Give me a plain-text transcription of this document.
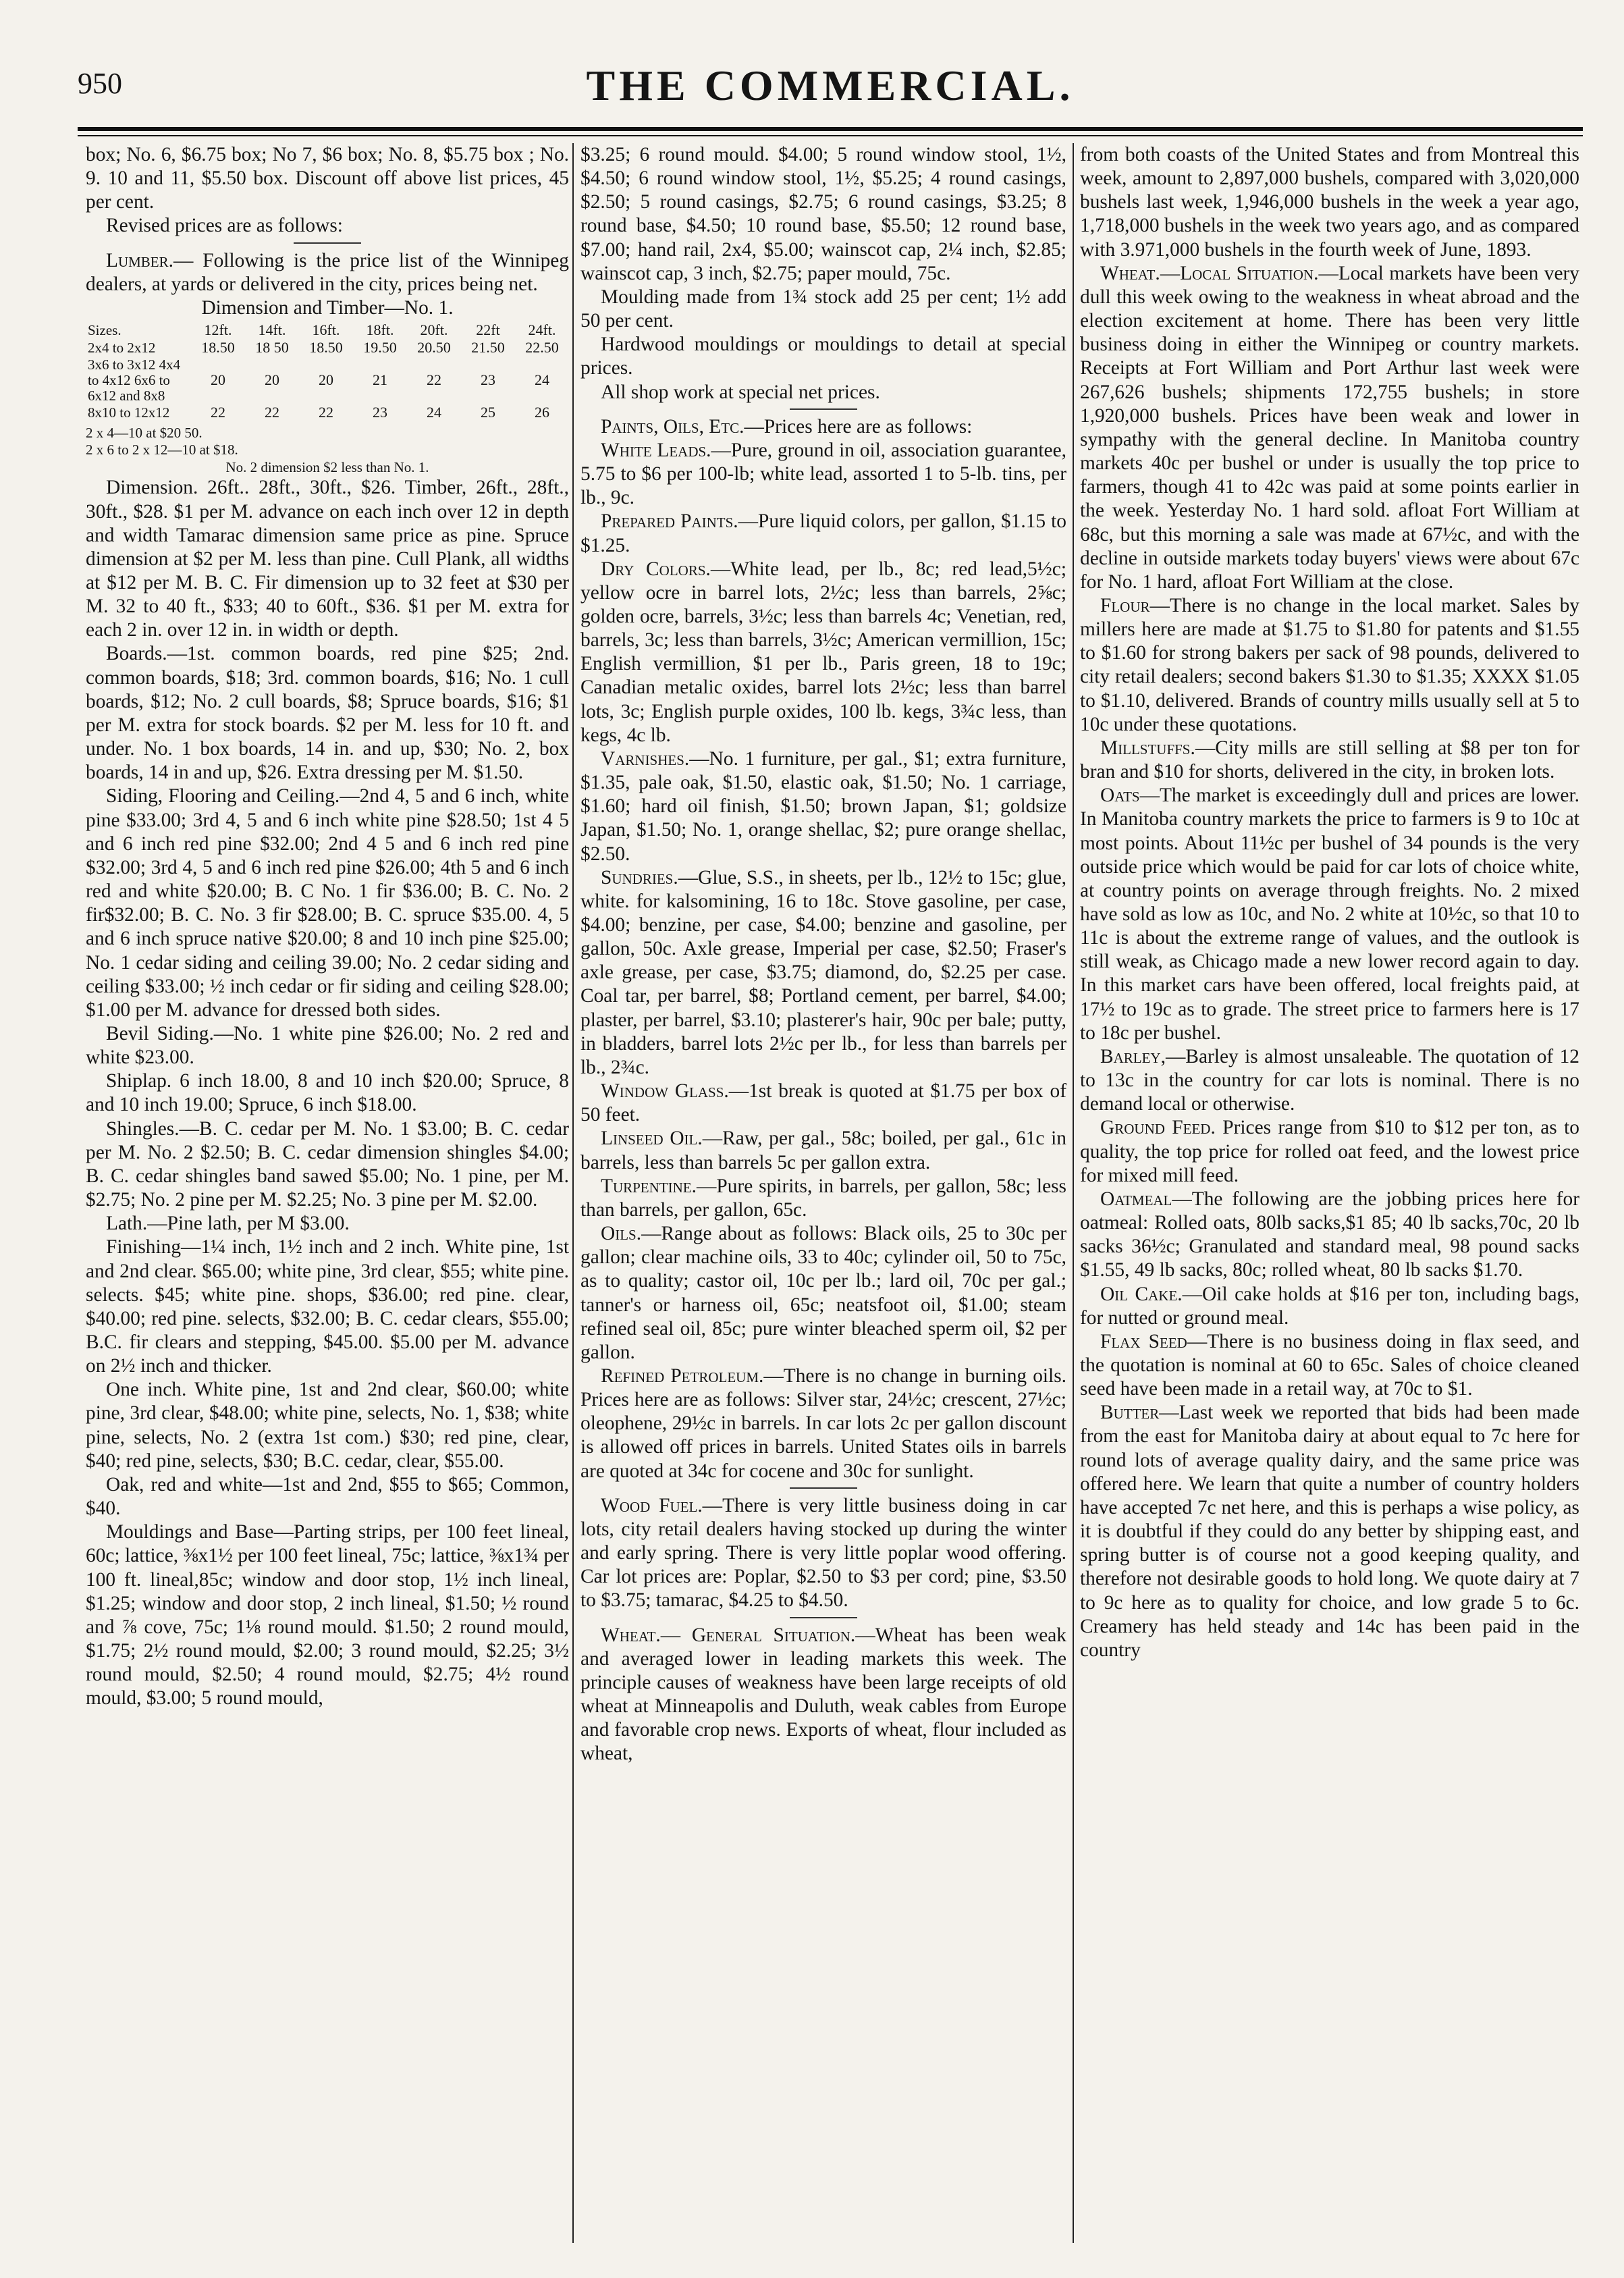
950	THE COMMERCIAL.

box; No. 6, $6.75 box; No 7, $6 box; No. 8, $5.75 box ; No. 9. 10 and 11, $5.50 box. Discount off above list prices, 45 per cent.

Revised prices are as follows:

Lumber.— Following is the price list of the Winnipeg dealers, at yards or delivered in the city, prices being net.

Dimension and Timber—No. 1.

Sizes.	12ft.	14ft.	16ft.	18ft.	20ft.	22ft	24ft.
2x4 to 2x12	18.50	18 50	18.50	19.50	20.50	21.50	22.50
3x6 to 3x12 4x4 to 4x12 6x6 to 6x12 and 8x8	20	20	20	21	22	23	24
8x10 to 12x12	22	22	22	23	24	25	26
2 x 4—10 at $20 50.
2 x 6 to 2 x 12—10 at $18.
No. 2 dimension $2 less than No. 1.

Dimension. 26ft.. 28ft., 30ft., $26. Timber, 26ft., 28ft., 30ft., $28. $1 per M. advance on each inch over 12 in depth and width Tamarac dimension same price as pine. Spruce dimension at $2 per M. less than pine. Cull Plank, all widths at $12 per M. B. C. Fir dimension up to 32 feet at $30 per M. 32 to 40 ft., $33; 40 to 60ft., $36. $1 per M. extra for each 2 in. over 12 in. in width or depth.

Boards.—1st. common boards, red pine $25; 2nd. common boards, $18; 3rd. common boards, $16; No. 1 cull boards, $12; No. 2 cull boards, $8; Spruce boards, $16; $1 per M. extra for stock boards. $2 per M. less for 10 ft. and under. No. 1 box boards, 14 in. and up, $30; No. 2, box boards, 14 in and up, $26. Extra dressing per M. $1.50.

Siding, Flooring and Ceiling.—2nd 4, 5 and 6 inch, white pine $33.00; 3rd 4, 5 and 6 inch white pine $28.50; 1st 4 5 and 6 inch red pine $32.00; 2nd 4 5 and 6 inch red pine $32.00; 3rd 4, 5 and 6 inch red pine $26.00; 4th 5 and 6 inch red and white $20.00; B. C No. 1 fir $36.00; B. C. No. 2 fir$32.00; B. C. No. 3 fir $28.00; B. C. spruce $35.00. 4, 5 and 6 inch spruce native $20.00; 8 and 10 inch pine $25.00; No. 1 cedar siding and ceiling 39.00; No. 2 cedar siding and ceiling $33.00; ½ inch cedar or fir siding and ceiling $28.00; $1.00 per M. advance for dressed both sides.

Bevil Siding.—No. 1 white pine $26.00; No. 2 red and white $23.00.

Shiplap. 6 inch 18.00, 8 and 10 inch $20.00; Spruce, 8 and 10 inch 19.00; Spruce, 6 inch $18.00.

Shingles.—B. C. cedar per M. No. 1 $3.00; B. C. cedar per M. No. 2 $2.50; B. C. cedar dimension shingles $4.00; B. C. cedar shingles band sawed $5.00; No. 1 pine, per M. $2.75; No. 2 pine per M. $2.25; No. 3 pine per M. $2.00.

Lath.—Pine lath, per M $3.00.

Finishing—1¼ inch, 1½ inch and 2 inch. White pine, 1st and 2nd clear. $65.00; white pine, 3rd clear, $55; white pine. selects. $45; white pine. shops, $36.00; red pine. clear, $40.00; red pine. selects, $32.00; B. C. cedar clears, $55.00; B.C. fir clears and stepping, $45.00. $5.00 per M. advance on 2½ inch and thicker.

One inch. White pine, 1st and 2nd clear, $60.00; white pine, 3rd clear, $48.00; white pine, selects, No. 1, $38; white pine, selects, No. 2 (extra 1st com.) $30; red pine, clear, $40; red pine, selects, $30; B.C. cedar, clear, $55.00.

Oak, red and white—1st and 2nd, $55 to $65; Common, $40.

Mouldings and Base—Parting strips, per 100 feet lineal, 60c; lattice, ⅜x1½ per 100 feet lineal, 75c; lattice, ⅜x1¾ per 100 ft. lineal,85c; window and door stop, 1½ inch lineal, $1.25; window and door stop, 2 inch lineal, $1.50; ½ round and ⅞ cove, 75c; 1⅛ round mould. $1.50; 2 round mould, $1.75; 2½ round mould, $2.00; 3 round mould, $2.25; 3½ round mould, $2.50; 4 round mould, $2.75; 4½ round mould, $3.00; 5 round mould,

$3.25; 6 round mould. $4.00; 5 round window stool, 1½, $4.50; 6 round window stool, 1½, $5.25; 4 round casings, $2.50; 5 round casings, $2.75; 6 round casings, $3.25; 8 round base, $4.50; 10 round base, $5.50; 12 round base, $7.00; hand rail, 2x4, $5.00; wainscot cap, 2¼ inch, $2.85; wainscot cap, 3 inch, $2.75; paper mould, 75c.

Moulding made from 1¾ stock add 25 per cent; 1½ add 50 per cent.

Hardwood mouldings or mouldings to detail at special prices.

All shop work at special net prices.

Paints, Oils, Etc.—Prices here are as follows:

White Leads.—Pure, ground in oil, association guarantee, 5.75 to $6 per 100-lb; white lead, assorted 1 to 5-lb. tins, per lb., 9c.

Prepared Paints.—Pure liquid colors, per gallon, $1.15 to $1.25.

Dry Colors.—White lead, per lb., 8c; red lead,5½c; yellow ocre in barrel lots, 2½c; less than barrels, 2⅝c; golden ocre, barrels, 3½c; less than barrels 4c; Venetian, red, barrels, 3c; less than barrels, 3½c; American vermillion, 15c; English vermillion, $1 per lb., Paris green, 18 to 19c; Canadian metalic oxides, barrel lots 2½c; less than barrel lots, 3c; English purple oxides, 100 lb. kegs, 3¾c less, than kegs, 4c lb.

Varnishes.—No. 1 furniture, per gal., $1; extra furniture, $1.35, pale oak, $1.50, elastic oak, $1.50; No. 1 carriage, $1.60; hard oil finish, $1.50; brown Japan, $1; goldsize Japan, $1.50; No. 1, orange shellac, $2; pure orange shellac, $2.50.

Sundries.—Glue, S.S., in sheets, per lb., 12½ to 15c; glue, white. for kalsomining, 16 to 18c. Stove gasoline, per case, $4.00; benzine, per case, $4.00; benzine and gasoline, per gallon, 50c. Axle grease, Imperial per case, $2.50; Fraser's axle grease, per case, $3.75; diamond, do, $2.25 per case. Coal tar, per barrel, $8; Portland cement, per barrel, $4.00; plaster, per barrel, $3.10; plasterer's hair, 90c per bale; putty, in bladders, barrel lots 2½c per lb., for less than barrels per lb., 2¾c.

Window Glass.—1st break is quoted at $1.75 per box of 50 feet.

Linseed Oil.—Raw, per gal., 58c; boiled, per gal., 61c in barrels, less than barrels 5c per gallon extra.

Turpentine.—Pure spirits, in barrels, per gallon, 58c; less than barrels, per gallon, 65c.

Oils.—Range about as follows: Black oils, 25 to 30c per gallon; clear machine oils, 33 to 40c; cylinder oil, 50 to 75c, as to quality; castor oil, 10c per lb.; lard oil, 70c per gal.; tanner's or harness oil, 65c; neatsfoot oil, $1.00; steam refined seal oil, 85c; pure winter bleached sperm oil, $2 per gallon.

Refined Petroleum.—There is no change in burning oils. Prices here are as follows: Silver star, 24½c; crescent, 27½c; oleophene, 29½c in barrels. In car lots 2c per gallon discount is allowed off prices in barrels. United States oils in barrels are quoted at 34c for cocene and 30c for sunlight.

Wood Fuel.—There is very little business doing in car lots, city retail dealers having stocked up during the winter and early spring. There is very little poplar wood offering. Car lot prices are: Poplar, $2.50 to $3 per cord; pine, $3.50 to $3.75; tamarac, $4.25 to $4.50.

Wheat.— General Situation.—Wheat has been weak and averaged lower in leading markets this week. The principle causes of weakness have been large receipts of old wheat at Minneapolis and Duluth, weak cables from Europe and favorable crop news. Exports of wheat, flour included as wheat,

from both coasts of the United States and from Montreal this week, amount to 2,897,000 bushels, compared with 3,020,000 bushels last week, 1,946,000 bushels in the week a year ago, 1,718,000 bushels in the week two years ago, and as compared with 3.971,000 bushels in the fourth week of June, 1893.

Wheat.—Local Situation.—Local markets have been very dull this week owing to the weakness in wheat abroad and the election excitement at home. There has been very little business doing in either the Winnipeg or country markets. Receipts at Fort William and Port Arthur last week were 267,626 bushels; shipments 172,755 bushels; in store 1,920,000 bushels. Prices have been weak and lower in sympathy with the general decline. In Manitoba country markets 40c per bushel or under is usually the top price to farmers, though 41 to 42c was paid at some points earlier in the week. Yesterday No. 1 hard sold. afloat Fort William at 68c, but this morning a sale was made at 67½c, and with the decline in outside markets today buyers' views were about 67c for No. 1 hard, afloat Fort William at the close.

Flour—There is no change in the local market. Sales by millers here are made at $1.75 to $1.80 for patents and $1.55 to $1.60 for strong bakers per sack of 98 pounds, delivered to city retail dealers; second bakers $1.30 to $1.35; XXXX $1.05 to $1.10, delivered. Brands of country mills usually sell at 5 to 10c under these quotations.

Millstuffs.—City mills are still selling at $8 per ton for bran and $10 for shorts, delivered in the city, in broken lots.

Oats—The market is exceedingly dull and prices are lower. In Manitoba country markets the price to farmers is 9 to 10c at most points. About 11½c per bushel of 34 pounds is the very outside price which would be paid for car lots of choice white, at country points on average through freights. No. 2 mixed have sold as low as 10c, and No. 2 white at 10½c, so that 10 to 11c is about the extreme range of values, and the outlook is still weak, as Chicago made a new lower record again to day. In this market cars have been offered, local freights paid, at 17½ to 19c as to grade. The street price to farmers here is 17 to 18c per bushel.

Barley,—Barley is almost unsaleable. The quotation of 12 to 13c in the country for car lots is nominal. There is no demand local or otherwise.

Ground Feed. Prices range from $10 to $12 per ton, as to quality, the top price for rolled oat feed, and the lowest price for mixed mill feed.

Oatmeal—The following are the jobbing prices here for oatmeal: Rolled oats, 80lb sacks,$1 85; 40 lb sacks,70c, 20 lb sacks 36½c; Granulated and standard meal, 98 pound sacks $1.55, 49 lb sacks, 80c; rolled wheat, 80 lb sacks $1.70.

Oil Cake.—Oil cake holds at $16 per ton, including bags, for nutted or ground meal.

Flax Seed—There is no business doing in flax seed, and the quotation is nominal at 60 to 65c. Sales of choice cleaned seed have been made in a retail way, at 70c to $1.

Butter—Last week we reported that bids had been made from the east for Manitoba dairy at about equal to 7c here for round lots of average quality dairy, and the same price was offered here. We learn that quite a number of country holders have accepted 7c net here, and this is perhaps a wise policy, as it is doubtful if they could do any better by shipping east, and spring butter is of course not a good keeping quality, and therefore not desirable goods to hold long. We quote dairy at 7 to 9c here as to quality for choice, and low grade 5 to 6c. Creamery has held steady and 14c has been paid in the country
